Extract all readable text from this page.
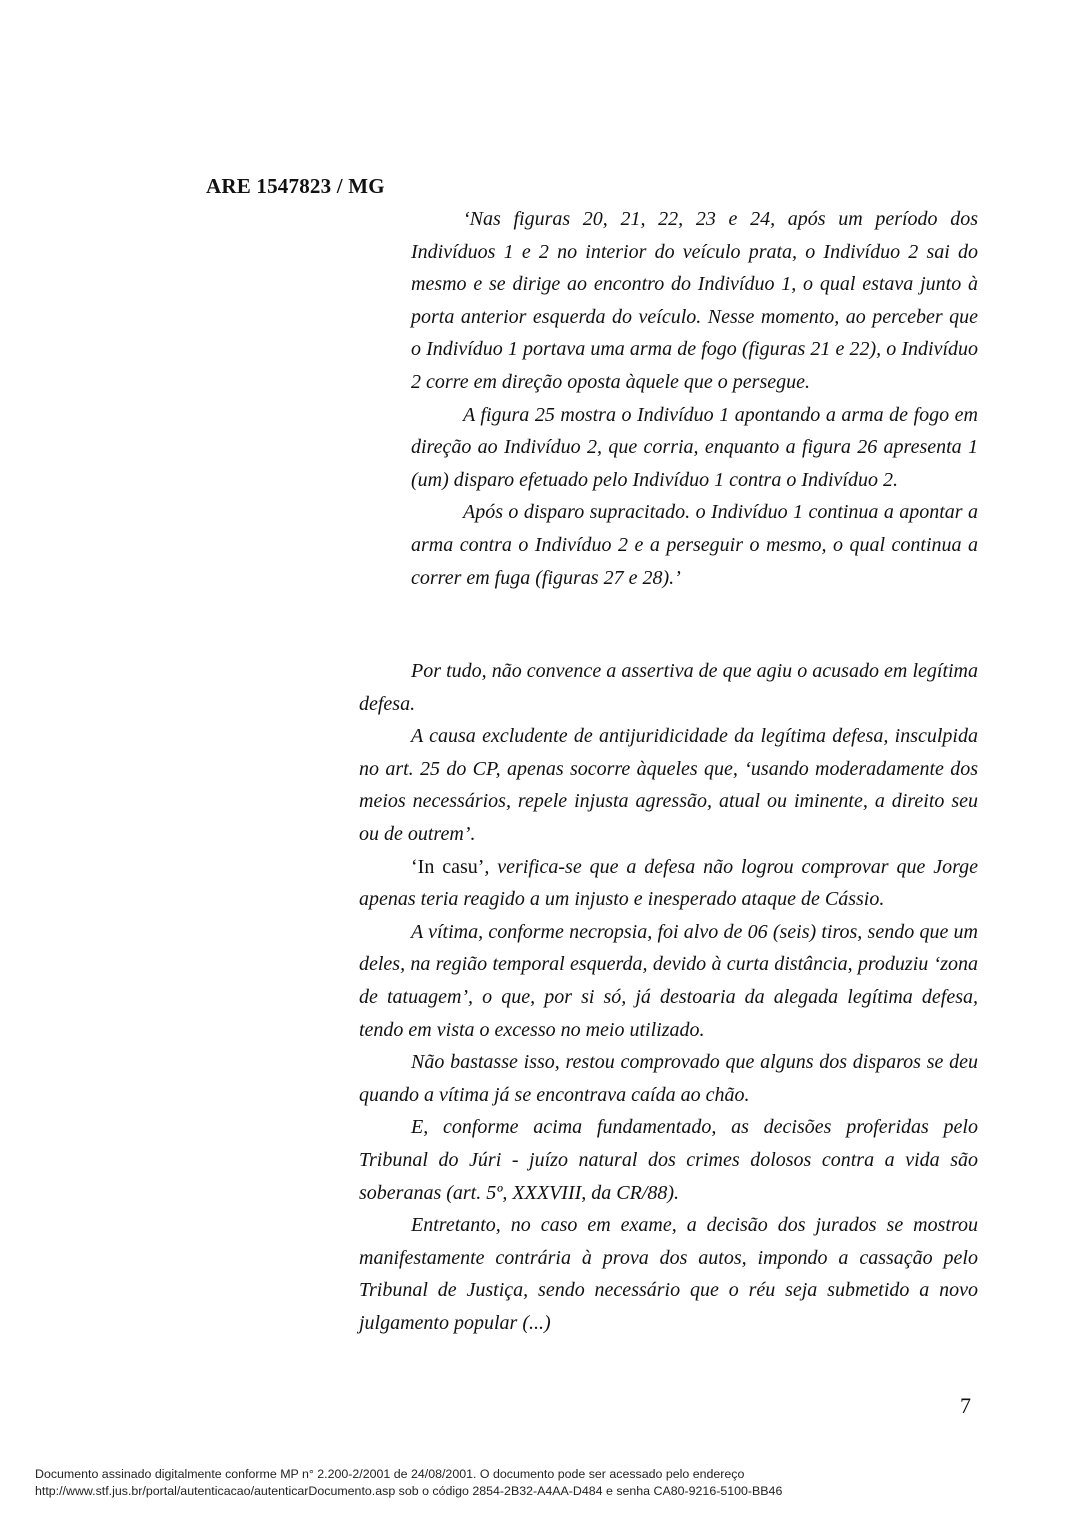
ARE 1547823 / MG

‘Nas figuras 20, 21, 22, 23 e 24, após um período dos Indivíduos 1 e 2 no interior do veículo prata, o Indivíduo 2 sai do mesmo e se dirige ao encontro do Indivíduo 1, o qual estava junto à porta anterior esquerda do veículo. Nesse momento, ao perceber que o Indivíduo 1 portava uma arma de fogo (figuras 21 e 22), o Indivíduo 2 corre em direção oposta àquele que o persegue.

A figura 25 mostra o Indivíduo 1 apontando a arma de fogo em direção ao Indivíduo 2, que corria, enquanto a figura 26 apresenta 1 (um) disparo efetuado pelo Indivíduo 1 contra o Indivíduo 2.

Após o disparo supracitado. o Indivíduo 1 continua a apontar a arma contra o Indivíduo 2 e a perseguir o mesmo, o qual continua a correr em fuga (figuras 27 e 28).’

Por tudo, não convence a assertiva de que agiu o acusado em legítima defesa.

A causa excludente de antijuridicidade da legítima defesa, insculpida no art. 25 do CP, apenas socorre àqueles que, ‘usando moderadamente dos meios necessários, repele injusta agressão, atual ou iminente, a direito seu ou de outrem’.

‘In casu’, verifica-se que a defesa não logrou comprovar que Jorge apenas teria reagido a um injusto e inesperado ataque de Cássio.

A vítima, conforme necropsia, foi alvo de 06 (seis) tiros, sendo que um deles, na região temporal esquerda, devido à curta distância, produziu ‘zona de tatuagem’, o que, por si só, já destoaria da alegada legítima defesa, tendo em vista o excesso no meio utilizado.

Não bastasse isso, restou comprovado que alguns dos disparos se deu quando a vítima já se encontrava caída ao chão.

E, conforme acima fundamentado, as decisões proferidas pelo Tribunal do Júri - juízo natural dos crimes dolosos contra a vida são soberanas (art. 5º, XXXVIII, da CR/88).

Entretanto, no caso em exame, a decisão dos jurados se mostrou manifestamente contrária à prova dos autos, impondo a cassação pelo Tribunal de Justiça, sendo necessário que o réu seja submetido a novo julgamento popular (...)

7
Documento assinado digitalmente conforme MP n° 2.200-2/2001 de 24/08/2001. O documento pode ser acessado pelo endereço
http://www.stf.jus.br/portal/autenticacao/autenticarDocumento.asp sob o código 2854-2B32-A4AA-D484 e senha CA80-9216-5100-BB46
